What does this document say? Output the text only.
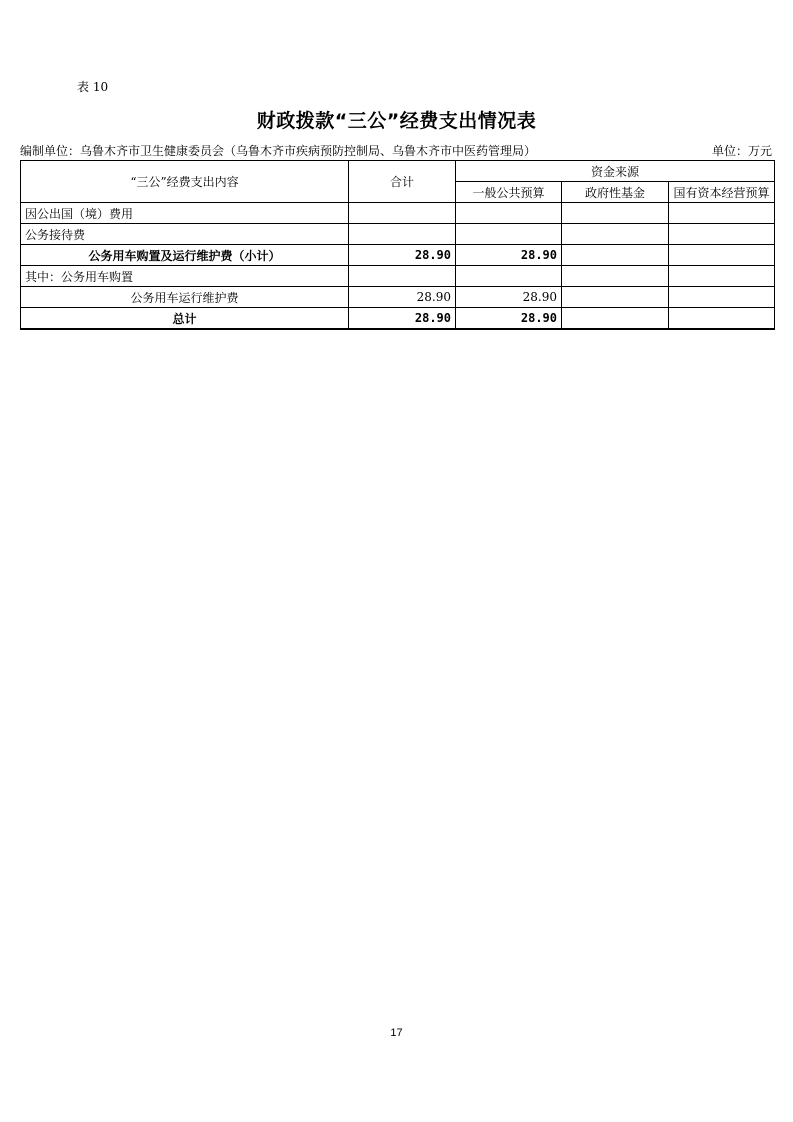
表 10
财政拨款“三公”经费支出情况表
编制单位：乌鲁木齐市卫生健康委员会（乌鲁木齐市疾病预防控制局、乌鲁木齐市中医药管理局）	单位：万元
“三公”经费支出内容	合计	资金来源		
		一般公共预算	政府性基金	国有资本经营预算
因公出国（境）费用				
公务接待费				
公务用车购置及运行维护费（小计）	28.90	28.90		
其中：公务用车购置				
公务用车运行维护费	28.90	28.90		
总计	28.90	28.90		
17
